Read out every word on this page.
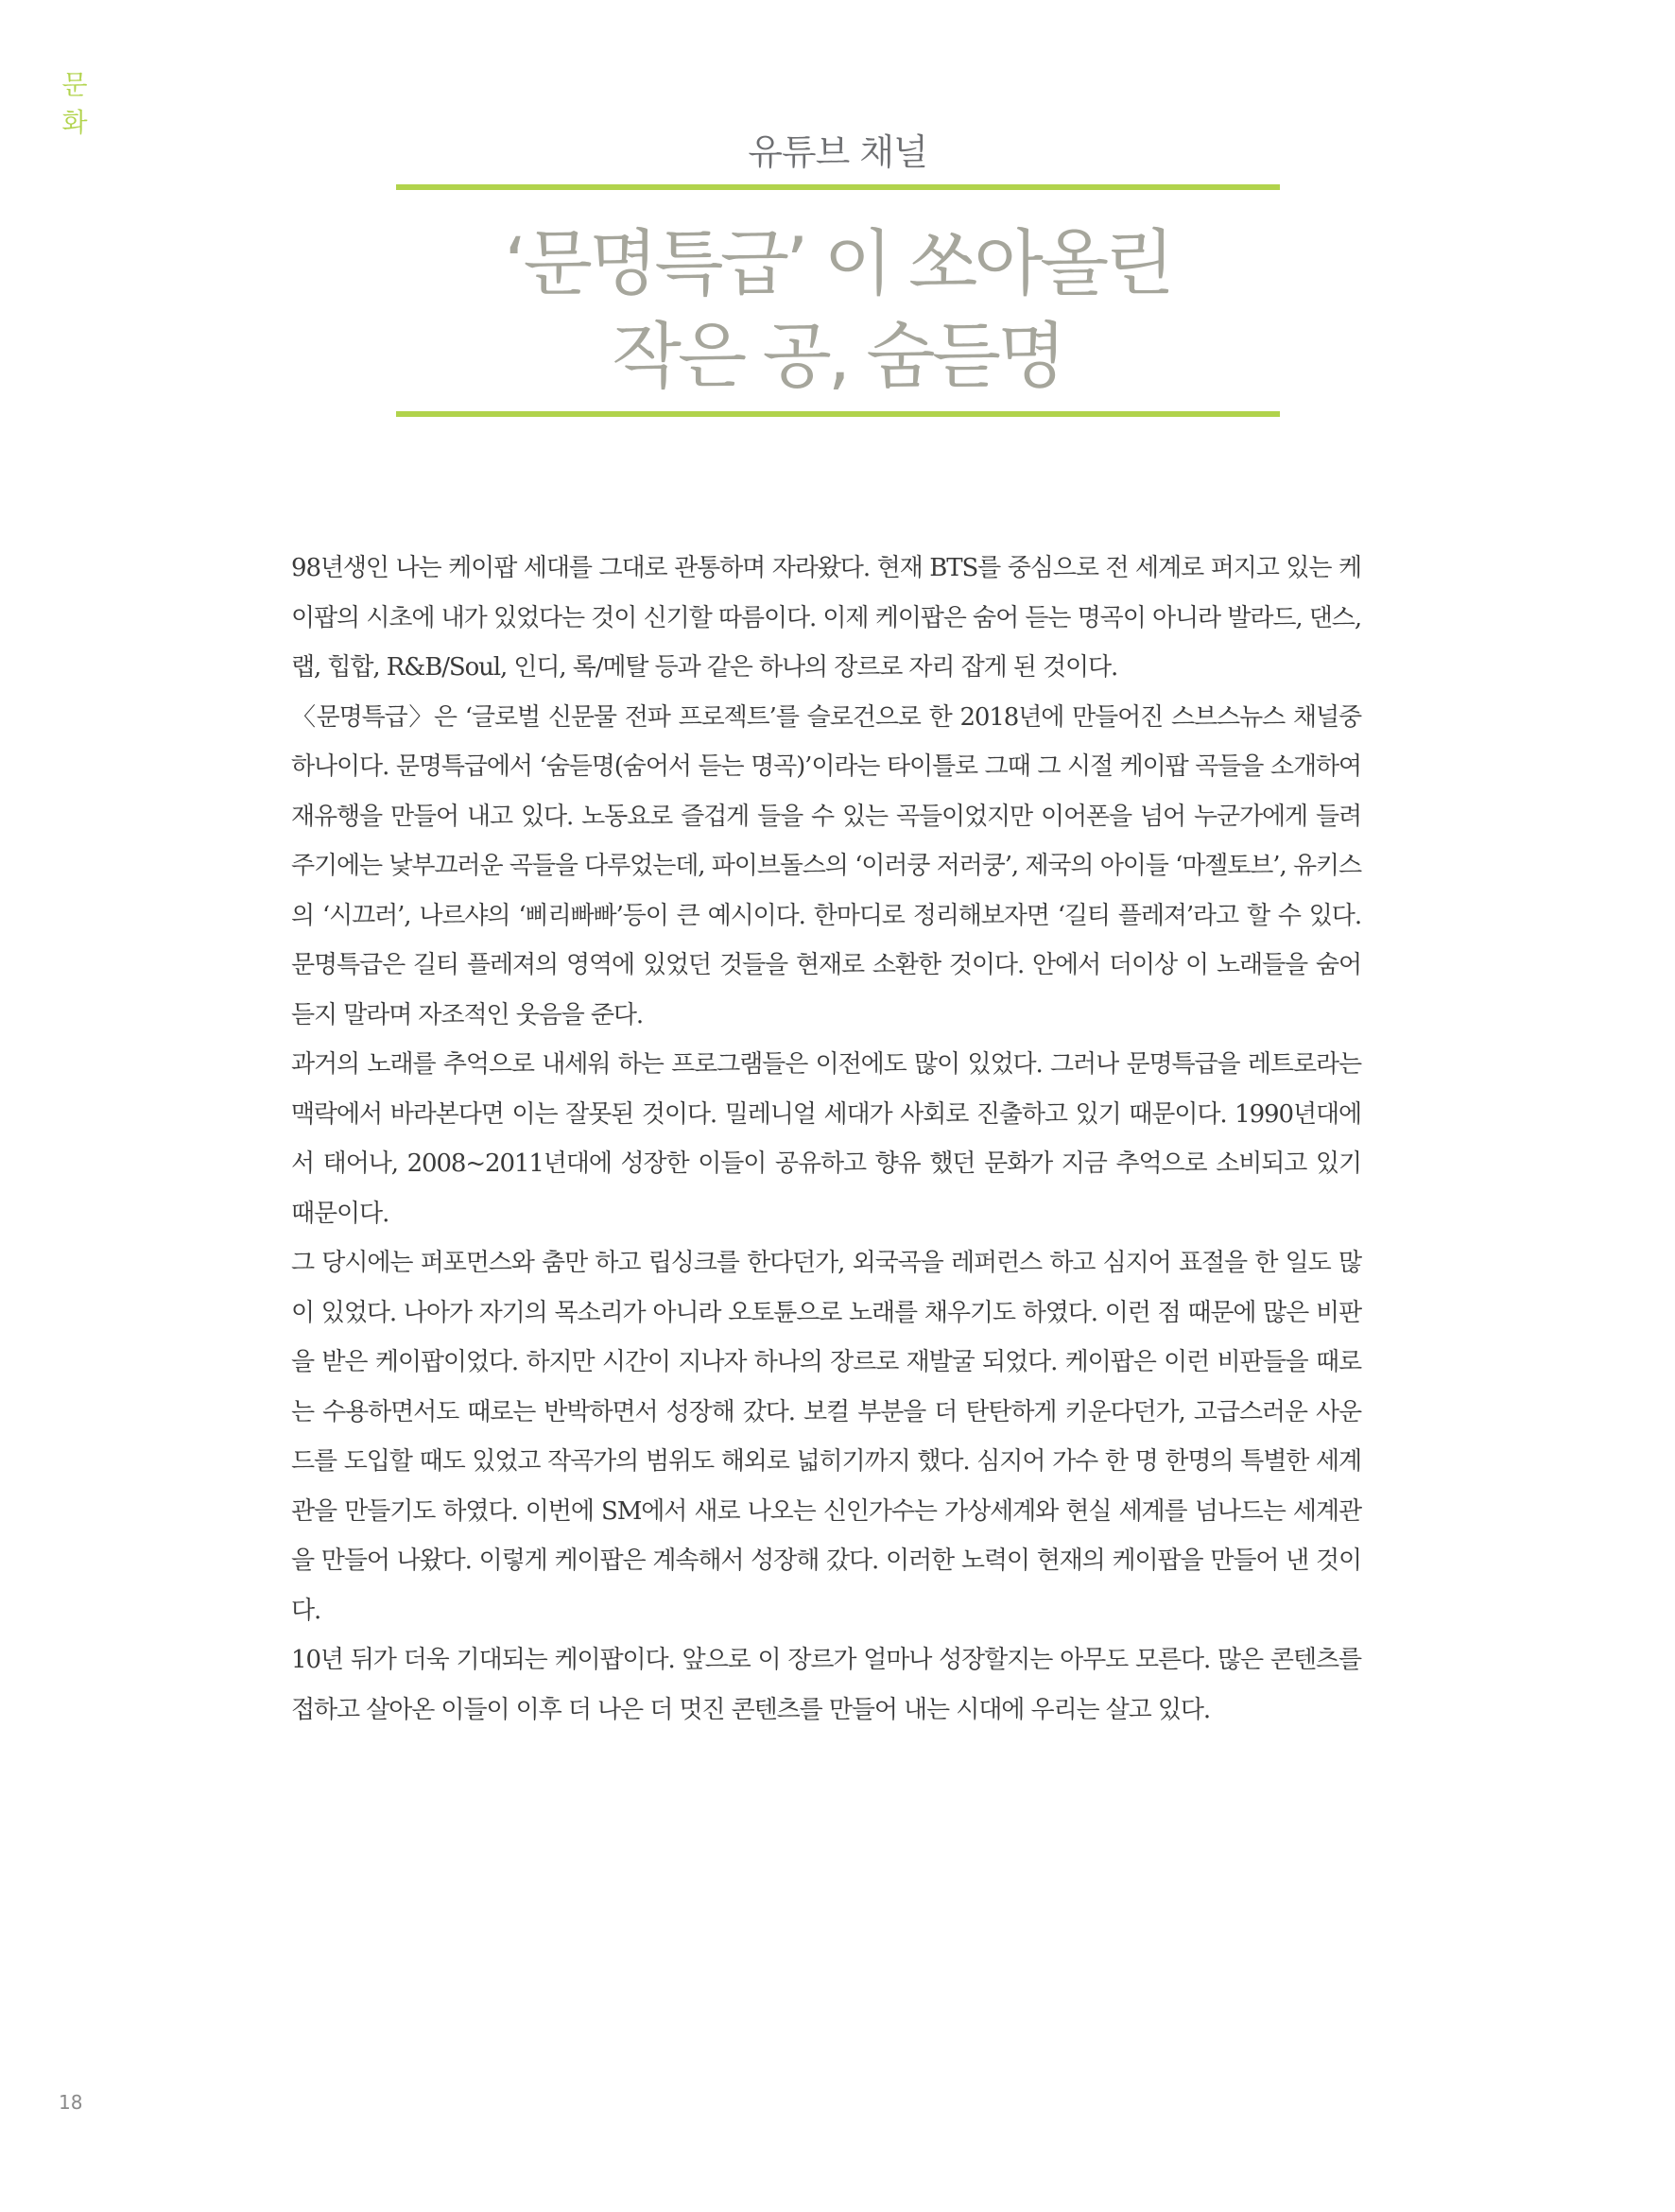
문
화
유튜브 채널
‘문명특급’ 이 쏘아올린
작은 공, 숨듣명

98년생인 나는 케이팝 세대를 그대로 관통하며 자라왔다. 현재 BTS를 중심으로 전 세계로 퍼지고 있는 케이팝의 시초에 내가 있었다는 것이 신기할 따름이다. 이제 케이팝은 숨어 듣는 명곡이 아니라 발라드, 댄스, 랩, 힙합, R&B/Soul, 인디, 록/메탈 등과 같은 하나의 장르로 자리 잡게 된 것이다.

〈문명특급〉은 ‘글로벌 신문물 전파 프로젝트’를 슬로건으로 한 2018년에 만들어진 스브스뉴스 채널중 하나이다. 문명특급에서 ‘숨듣명(숨어서 듣는 명곡)’이라는 타이틀로 그때 그 시절 케이팝 곡들을 소개하여 재유행을 만들어 내고 있다. 노동요로 즐겁게 들을 수 있는 곡들이었지만 이어폰을 넘어 누군가에게 들려주기에는 낯부끄러운 곡들을 다루었는데, 파이브돌스의 ‘이러쿵 저러쿵’, 제국의 아이들 ‘마젤토브’, 유키스의 ‘시끄러’, 나르샤의 ‘삐리빠빠’등이 큰 예시이다. 한마디로 정리해보자면 ‘길티 플레져’라고 할 수 있다. 문명특급은 길티 플레져의 영역에 있었던 것들을 현재로 소환한 것이다. 안에서 더이상 이 노래들을 숨어 듣지 말라며 자조적인 웃음을 준다.

과거의 노래를 추억으로 내세워 하는 프로그램들은 이전에도 많이 있었다. 그러나 문명특급을 레트로라는 맥락에서 바라본다면 이는 잘못된 것이다. 밀레니얼 세대가 사회로 진출하고 있기 때문이다. 1990년대에서 태어나, 2008~2011년대에 성장한 이들이 공유하고 향유 했던 문화가 지금 추억으로 소비되고 있기 때문이다.

그 당시에는 퍼포먼스와 춤만 하고 립싱크를 한다던가, 외국곡을 레퍼런스 하고 심지어 표절을 한 일도 많이 있었다. 나아가 자기의 목소리가 아니라 오토튠으로 노래를 채우기도 하였다. 이런 점 때문에 많은 비판을 받은 케이팝이었다. 하지만 시간이 지나자 하나의 장르로 재발굴 되었다. 케이팝은 이런 비판들을 때로는 수용하면서도 때로는 반박하면서 성장해 갔다. 보컬 부분을 더 탄탄하게 키운다던가, 고급스러운 사운드를 도입할 때도 있었고 작곡가의 범위도 해외로 넓히기까지 했다. 심지어 가수 한 명 한명의 특별한 세계관을 만들기도 하였다. 이번에 SM에서 새로 나오는 신인가수는 가상세계와 현실 세계를 넘나드는 세계관을 만들어 나왔다. 이렇게 케이팝은 계속해서 성장해 갔다. 이러한 노력이 현재의 케이팝을 만들어 낸 것이다.

10년 뒤가 더욱 기대되는 케이팝이다. 앞으로 이 장르가 얼마나 성장할지는 아무도 모른다. 많은 콘텐츠를 접하고 살아온 이들이 이후 더 나은 더 멋진 콘텐츠를 만들어 내는 시대에 우리는 살고 있다.

18
